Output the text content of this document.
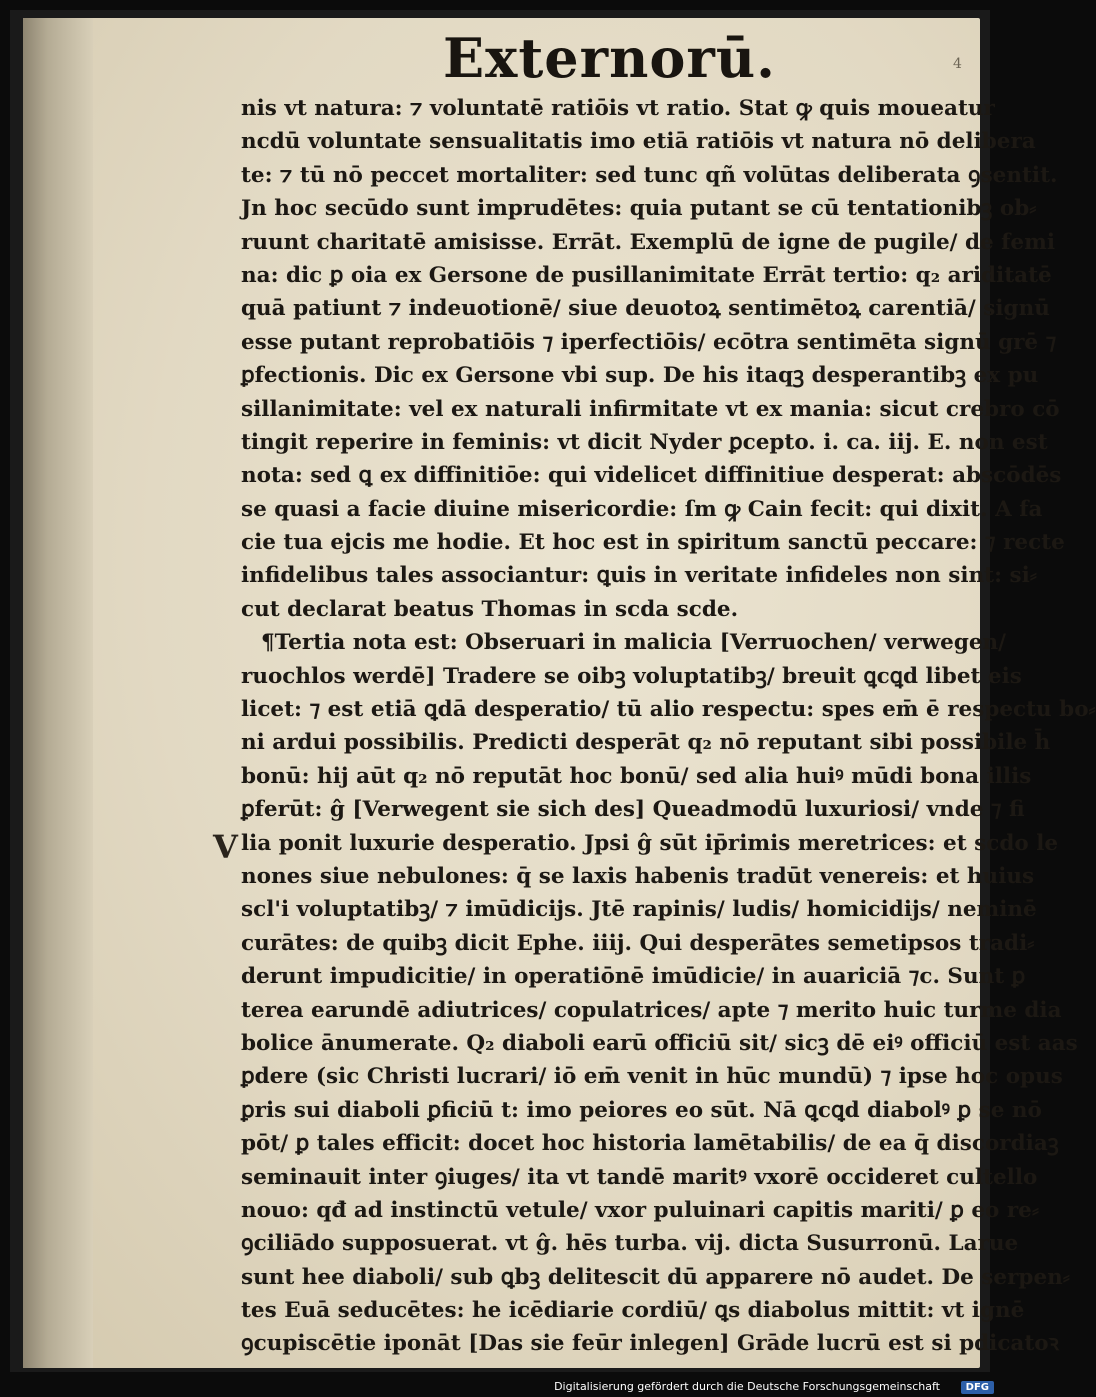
Externorū.	4
V
nis vt natura: ⁊ voluntatē ratiōis vt ratio. Stat ꝙ quis moueatur
ncdū voluntate sensualitatis imo etiā ratiōis vt natura nō delibera
te: ⁊ tū nō peccet mortaliter: sed tunc qñ volūtas deliberata ꝯsentit.
Jn hoc secūdo sunt imprudētes: quia putant se cū tentationibꝫ ob⸗
ruunt charitatē amisisse. Errāt. Exemplū de igne de pugile/ de femi
na: dic ꝑ oia ex Gersone de pusillanimitate Errāt tertio: q₂ ariditatē
quā patiunt ⁊ indeuotionē/ siue deuotoꝝ sentimētoꝝ carentiā/ signū
esse putant reprobatiōis ⁊ iperfectiōis/ ecōtra sentimēta signū grē ⁊
ꝑfectionis. Dic ex Gersone vbi sup. De his itaqꝫ desperantibꝫ ex pu
sillanimitate: vel ex naturali infirmitate vt ex mania: sicut crebro cō
tingit reperire in feminis: vt dicit Nyder ꝑcepto. i. ca. iij. E. non est
nota: sed ꝗ ex diffinitiōe: qui videlicet diffinitiue desperat: abscōdēs
se quasi a facie diuine misericordie: ſm ꝙ Cain fecit: qui dixit. A fa
cie tua ejcis me hodie. Et hoc est in spiritum sanctū peccare: ⁊ recte
infidelibus tales associantur: ꝗuis in veritate infideles non sint: si⸗
cut declarat beatus Thomas in scda scde.
¶Tertia nota est: Obseruari in malicia [Verruochen/ verwegen/
ruochlos werdē] Tradere se oibꝫ voluptatibꝫ/ breuit ꝗcꝗd libet eis
licet: ⁊ est etiā ꝗdā desperatio/ tū alio respectu: spes em̄ ē respectu bo⸗
ni ardui possibilis. Predicti desperāt q₂ nō reputant sibi possibile h̄
bonū: hij aūt q₂ nō reputāt hoc bonū/ sed alia huiꝰ mūdi bona illis
ꝑferūt: ĝ [Verwegent sie sich des] Queadmodū luxuriosi/ vnde ⁊ fi
lia ponit luxurie desperatio. Jpsi ĝ sūt ip̄rimis meretrices: et scdo le
nones siue nebulones: q̄ se laxis habenis tradūt venereis: et huius
scl'i voluptatibꝫ/ ⁊ imūdicijs. Jtē rapinis/ ludis/ homicidijs/ neminē
curātes: de quibꝫ dicit Ephe. iiij. Qui desperātes semetipsos tradi⸗
derunt impudicitie/ in operatiōnē imūdicie/ in auariciā ⁊c. Sunt ꝑ
terea earundē adiutrices/ copulatrices/ apte ⁊ merito huic turme dia
bolice ānumerate. Q₂ diaboli earū officiū sit/ sicꝫ dē eiꝰ officiū est aas
ꝑdere (sic Christi lucrari/ iō em̄ venit in hūc mundū) ⁊ ipse hoc opus
ꝑris sui diaboli ꝑficiū t: imo peiores eo sūt. Nā ꝗcꝗd diabolꝰ ꝑ se nō
pōt/ ꝑ tales efficit: docet hoc historia lamētabilis/ de ea q̄ discordiaꝫ
seminauit inter ꝯiuges/ ita vt tandē maritꝰ vxorē occideret cultello
nouo: qđ ad instinctū vetule/ vxor puluinari capitis mariti/ ꝑ eo re⸗
ꝯciliādo supposuerat. vt ĝ. hēs turba. vij. dicta Susurronū. Larue
sunt hee diaboli/ sub ꝗbꝫ delitescit dū apparere nō audet. De serpen⸗
tes Euā seducētes: he icēdiarie cordiū/ ꝗs diabolus mittit: vt ignē
ꝯcupiscētie iponāt [Das sie feūr inlegen] Grāde lucrū est si pdicatoꝛ
Digitalisierung gefördert durch die Deutsche Forschungsgemeinschaft	DFG
